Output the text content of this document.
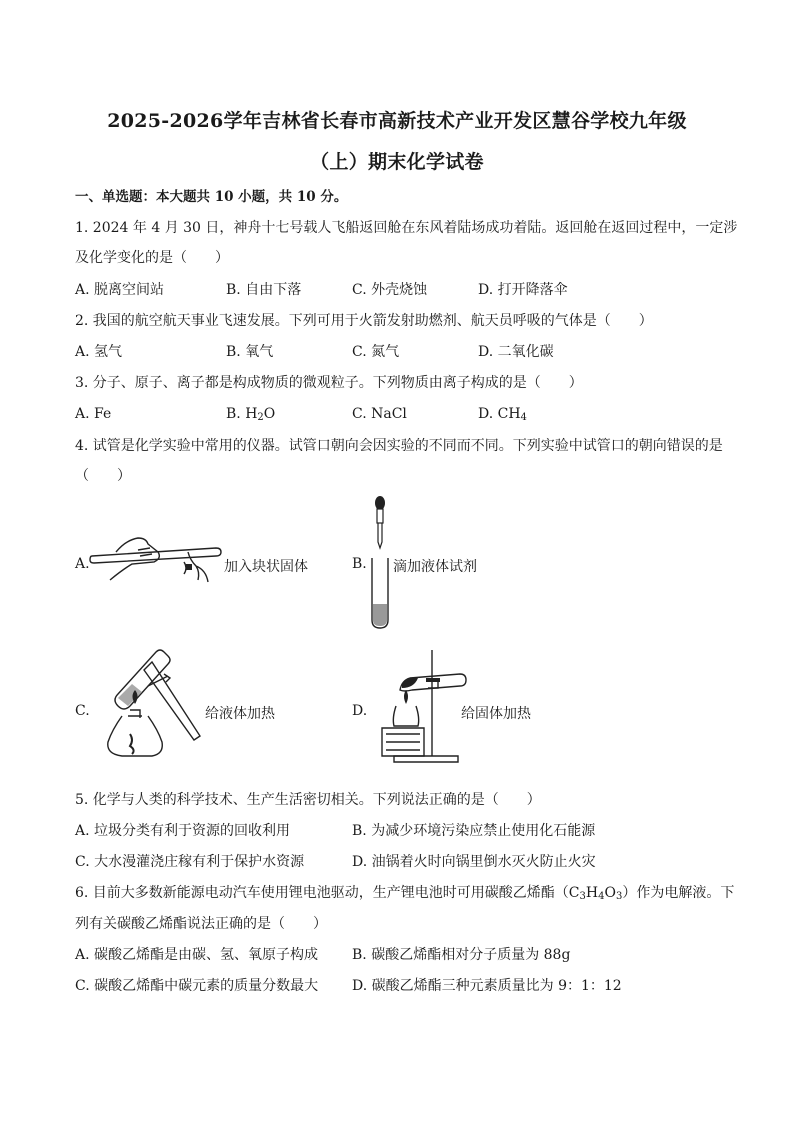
2025-2026学年吉林省长春市高新技术产业开发区慧谷学校九年级
（上）期末化学试卷
一、单选题：本大题共 10 小题，共 10 分。
1. 2024 年 4 月 30 日，神舟十七号载人飞船返回舱在东风着陆场成功着陆。返回舱在返回过程中，一定涉
及化学变化的是（　　）
A. 脱离空间站	B. 自由下落	C. 外壳烧蚀	D. 打开降落伞
2. 我国的航空航天事业飞速发展。下列可用于火箭发射助燃剂、航天员呼吸的气体是（　　）
A. 氢气	B. 氧气	C. 氮气	D. 二氧化碳
3. 分子、原子、离子都是构成物质的微观粒子。下列物质由离子构成的是（　　）
A. Fe	B. $H_2O$	C. NaCl	D. $CH_4$
4. 试管是化学实验中常用的仪器。试管口朝向会因实验的不同而不同。下列实验中试管口的朝向错误的是
（　　）
A.	加入块状固体	B. 滴加液体试剂
C.	给液体加热	D.	给固体加热
5. 化学与人类的科学技术、生产生活密切相关。下列说法正确的是（　　）
A. 垃圾分类有利于资源的回收利用	B. 为减少环境污染应禁止使用化石能源
C. 大水漫灌浇庄稼有利于保护水资源	D. 油锅着火时向锅里倒水灭火防止火灾
6. 目前大多数新能源电动汽车使用锂电池驱动，生产锂电池时可用碳酸乙烯酯$(C_3H_4O_3)$作为电解液。下
列有关碳酸乙烯酯说法正确的是（　　）
A. 碳酸乙烯酯是由碳、氢、氧原子构成 B. 碳酸乙烯酯相对分子质量为 88g
C. 碳酸乙烯酯中碳元素的质量分数最大 D. 碳酸乙烯酯三种元素质量比为 9：1：12
